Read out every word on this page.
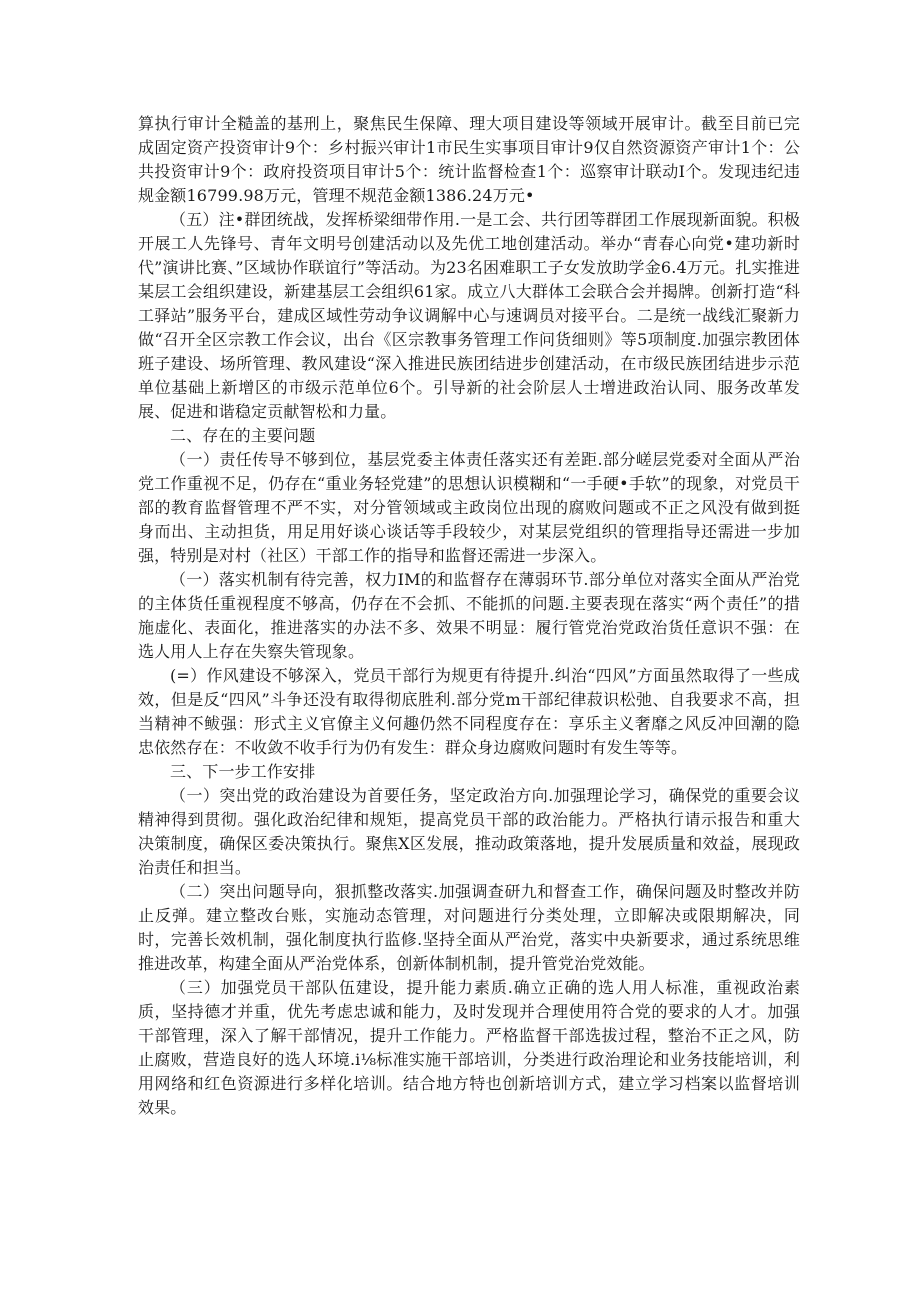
算执行审计全糙盖的基刑上，聚焦民生保障、理大项目建设等领域开展审计。截至目前已完成固定资产投资审计9个：乡村振兴审计1市民生实事项目审计9仅自然资源资产审计1个：公共投资审计9个：政府投资项目审计5个：统计监督检查1个：巡察审计联动I个。发现违纪违规金额16799.98万元，管理不规范金额1386.24万元•

（五）注•群团统战，发挥桥梁细带作用.一是工会、共行团等群团工作展现新面貌。积极开展工人先锋号、青年文明号创建活动以及先优工地创建活动。举办“青春心向党•建功新时代”演讲比赛、”区域协作联谊行”等活动。为23名困难职工子女发放助学金6.4万元。扎实推进某层工会组织建设，新建基层工会组织61家。成立八大群体工会联合会并揭牌。创新打造“科工驿站”服务平台，建成区域性劳动争议调解中心与速调员对接平台。二是统一战线汇聚新力做“召开全区宗教工作会议，出台《区宗教事务管理工作问货细则》等5项制度.加强宗教团体班子建设、场所管理、教风建设“深入推进民族团结进步创建活动，在市级民族团结进步示范单位基础上新增区的市级示范单位6个。引导新的社会阶层人士增进政治认同、服务改革发展、促进和谐稳定贡献智松和力量。

二、存在的主要问题

（一）责任传导不够到位，基层党委主体责任落实还有差距.部分嵯层党委对全面从严治党工作重视不足，仍存在“重业务轻党建”的思想认识模糊和“一手硬•手软”的现象，对党员干部的教育监督管理不严不实，对分管领域或主政岗位出现的腐败问题或不正之风没有做到挺身而出、主动担货，用足用好谈心谈话等手段较少，对某层党组织的管理指导还需进一步加强，特别是对村（社区）干部工作的指导和监督还需进一步深入。

（一）落实机制有待完善，权力IM的和监督存在薄弱环节.部分单位对落实全面从严治党的主体货任重视程度不够高，仍存在不会抓、不能抓的问题.主要表现在落实“两个责任”的措施虚化、表面化，推进落实的办法不多、效果不明显：履行管党治党政治货任意识不强：在选人用人上存在失察失管现象。

(=）作风建设不够深入，党员干部行为规更有待提升.纠治“四风”方面虽然取得了一些成效，但是反“四风”斗争还没有取得彻底胜利.部分党m干部纪律菽识松弛、自我要求不高，担当精神不鲅强：形式主义官僚主义何趣仍然不同程度存在：享乐主义奢靡之风反冲回潮的隐忠依然存在：不收敛不收手行为仍有发生：群众身边腐败问题时有发生等等。

三、下一步工作安排

（一）突出党的政治建设为首要任务，坚定政治方向.加强理论学习，确保党的重要会议精神得到贯彻。强化政治纪律和规矩，提高党员干部的政治能力。严格执行请示报告和重大决策制度，确保区委决策执行。聚焦X区发展，推动政策落地，提升发展质量和效益，展现政治责任和担当。

（二）突出问题导向，狠抓整改落实.加强调查研九和督查工作，确保问题及时整改并防止反弹。建立整改台账，实施动态管理，对问题进行分类处理，立即解决或限期解决，同时，完善长效机制，强化制度执行监修.坚持全面从严治党，落实中央新要求，通过系统思维推进改革，构建全面从严治党体系，创新体制机制，提升管党治党效能。

（三）加强党员干部队伍建设，提升能力素质.确立正确的选人用人标准，重视政治素质，坚持德才并重，优先考虑忠诚和能力，及时发现并合理使用符合党的要求的人才。加强干部管理，深入了解干部情况，提升工作能力。严格监督干部选拔过程，整治不正之风，防止腐败，营造良好的选人环境.i⅛标准实施干部培训，分类进行政治理论和业务技能培训，利用网络和红色资源进行多样化培训。结合地方特也创新培训方式，建立学习档案以监督培训效果。
